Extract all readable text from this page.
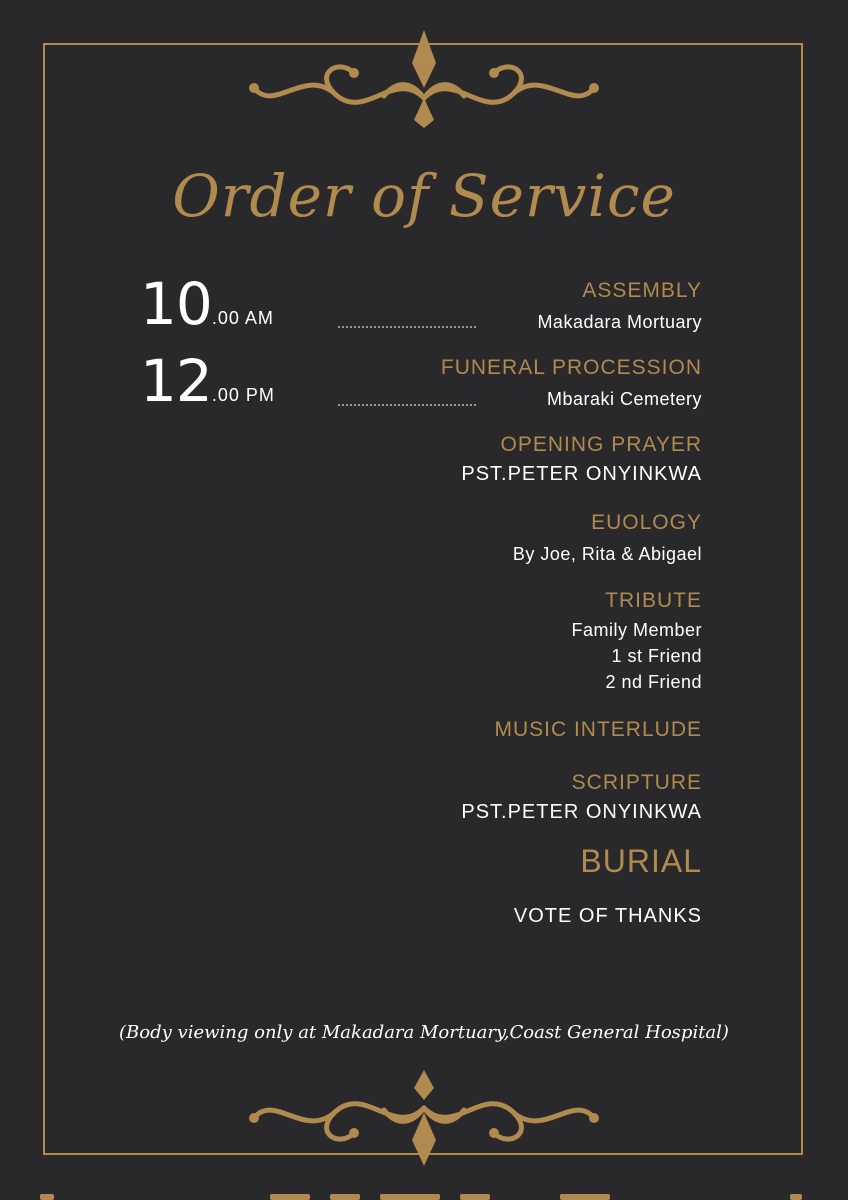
Order of Service
10.00 AM
ASSEMBLY
Makadara Mortuary
12.00 PM
FUNERAL PROCESSION
Mbaraki Cemetery
OPENING PRAYER
PST.PETER ONYINKWA
EUOLOGY
By Joe, Rita & Abigael
TRIBUTE
Family Member
1 st Friend
2 nd Friend
MUSIC INTERLUDE
SCRIPTURE
PST.PETER ONYINKWA
BURIAL
VOTE OF THANKS
(Body viewing only at Makadara Mortuary,Coast General Hospital)
